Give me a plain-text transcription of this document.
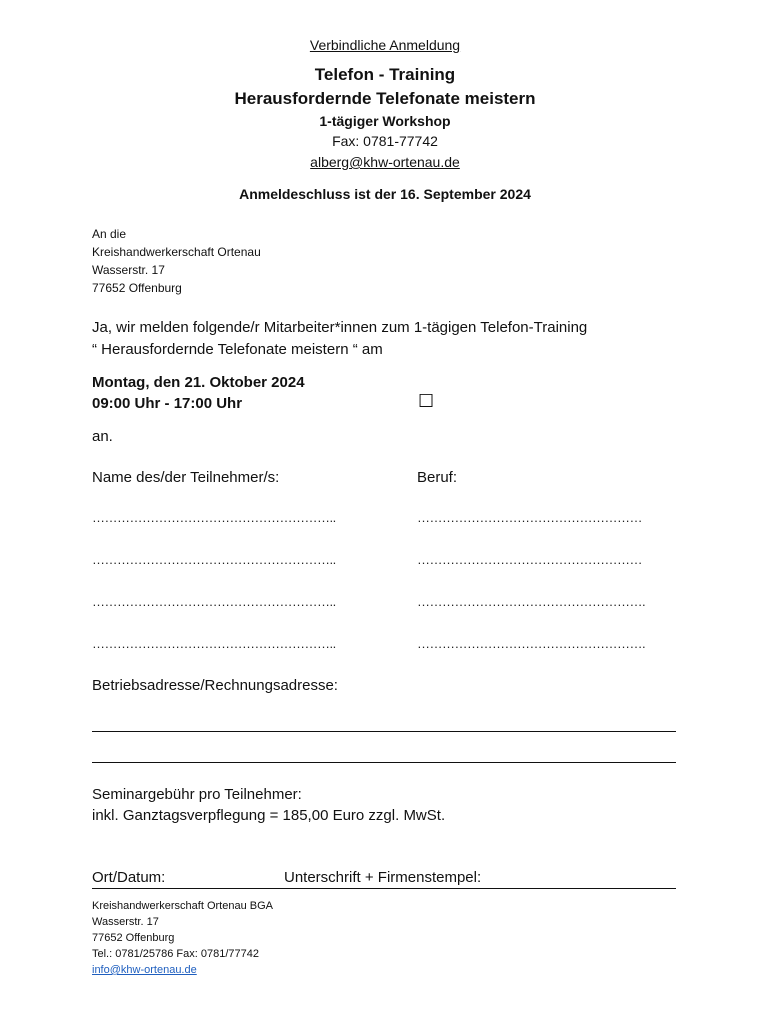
Verbindliche Anmeldung
Telefon - Training
Herausfordernde Telefonate meistern
1-tägiger Workshop
Fax: 0781-77742
alberg@khw-ortenau.de
Anmeldeschluss ist der 16. September 2024
An die
Kreishandwerkerschaft Ortenau
Wasserstr. 17
77652 Offenburg
Ja, wir melden folgende/r Mitarbeiter*innen zum 1-tägigen Telefon-Training
“ Herausfordernde Telefonate meistern “ am
Montag, den 21. Oktober 2024
09:00 Uhr - 17:00 Uhr	☐
an.
Name des/der Teilnehmer/s:	Beruf:
…………………………………………………..	………………………………………………
…………………………………………………..	………………………………………………
…………………………………………………..	……………………………………………….
…………………………………………………..	……………………………………………….
Betriebsadresse/Rechnungsadresse:
Seminargebühr pro Teilnehmer:
inkl. Ganztagsverpflegung = 185,00 Euro zzgl. MwSt.
Ort/Datum:	Unterschrift + Firmenstempel:
Kreishandwerkerschaft Ortenau BGA
Wasserstr. 17
77652 Offenburg
Tel.: 0781/25786 Fax: 0781/77742
info@khw-ortenau.de
